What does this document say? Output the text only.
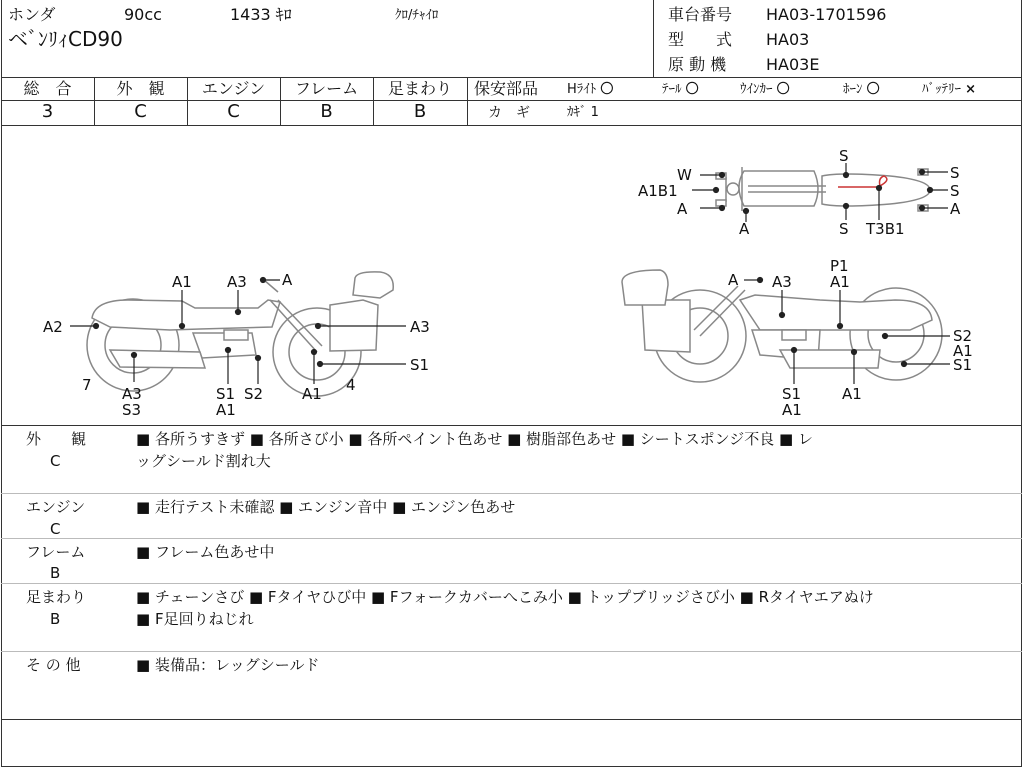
ホンダ	90cc	1433 ｷﾛ	ｸﾛ/ﾁｬｲﾛ
ベﾞﾝﾘｨCD90
車台番号 HA03-1701596
型　　式 HA03
原 動 機 HA03E
総　合	外　観	エンジン	フレーム	足まわり
3	C	C	B	B
保安部品 Hﾗｲﾄ 〇	ﾃｰﾙ 〇	ｳｲﾝｶｰ 〇	ﾎｰﾝ 〇	ﾊﾞｯﾃﾘｰ ×
カ　ギ	ｶｷﾞ 1
W
A1B1
A
A
S
S T3B1
S
S
A
A1 A3 A
A2	A3
S1
7 A3
S3
S1 S2
A1
A1 4
A A3
P1
A1
S2
A1
S1
S1
A1
A1
外　　観
C
■ 各所うすきず ■ 各所さび小 ■ 各所ペイント色あせ ■ 樹脂部色あせ ■ シートスポンジ不良 ■ レ
ッグシールド割れ大
エンジン
C
■ 走行テスト未確認 ■ エンジン音中 ■ エンジン色あせ
フレーム
B
■ フレーム色あせ中
足まわり
B
■ チェーンさび ■ Fタイヤひび中 ■ Fフォークカバーへこみ小 ■ トップブリッジさび小 ■ Rタイヤエアぬけ
■ F足回りねじれ
そ の 他	■ 装備品：レッグシールド
